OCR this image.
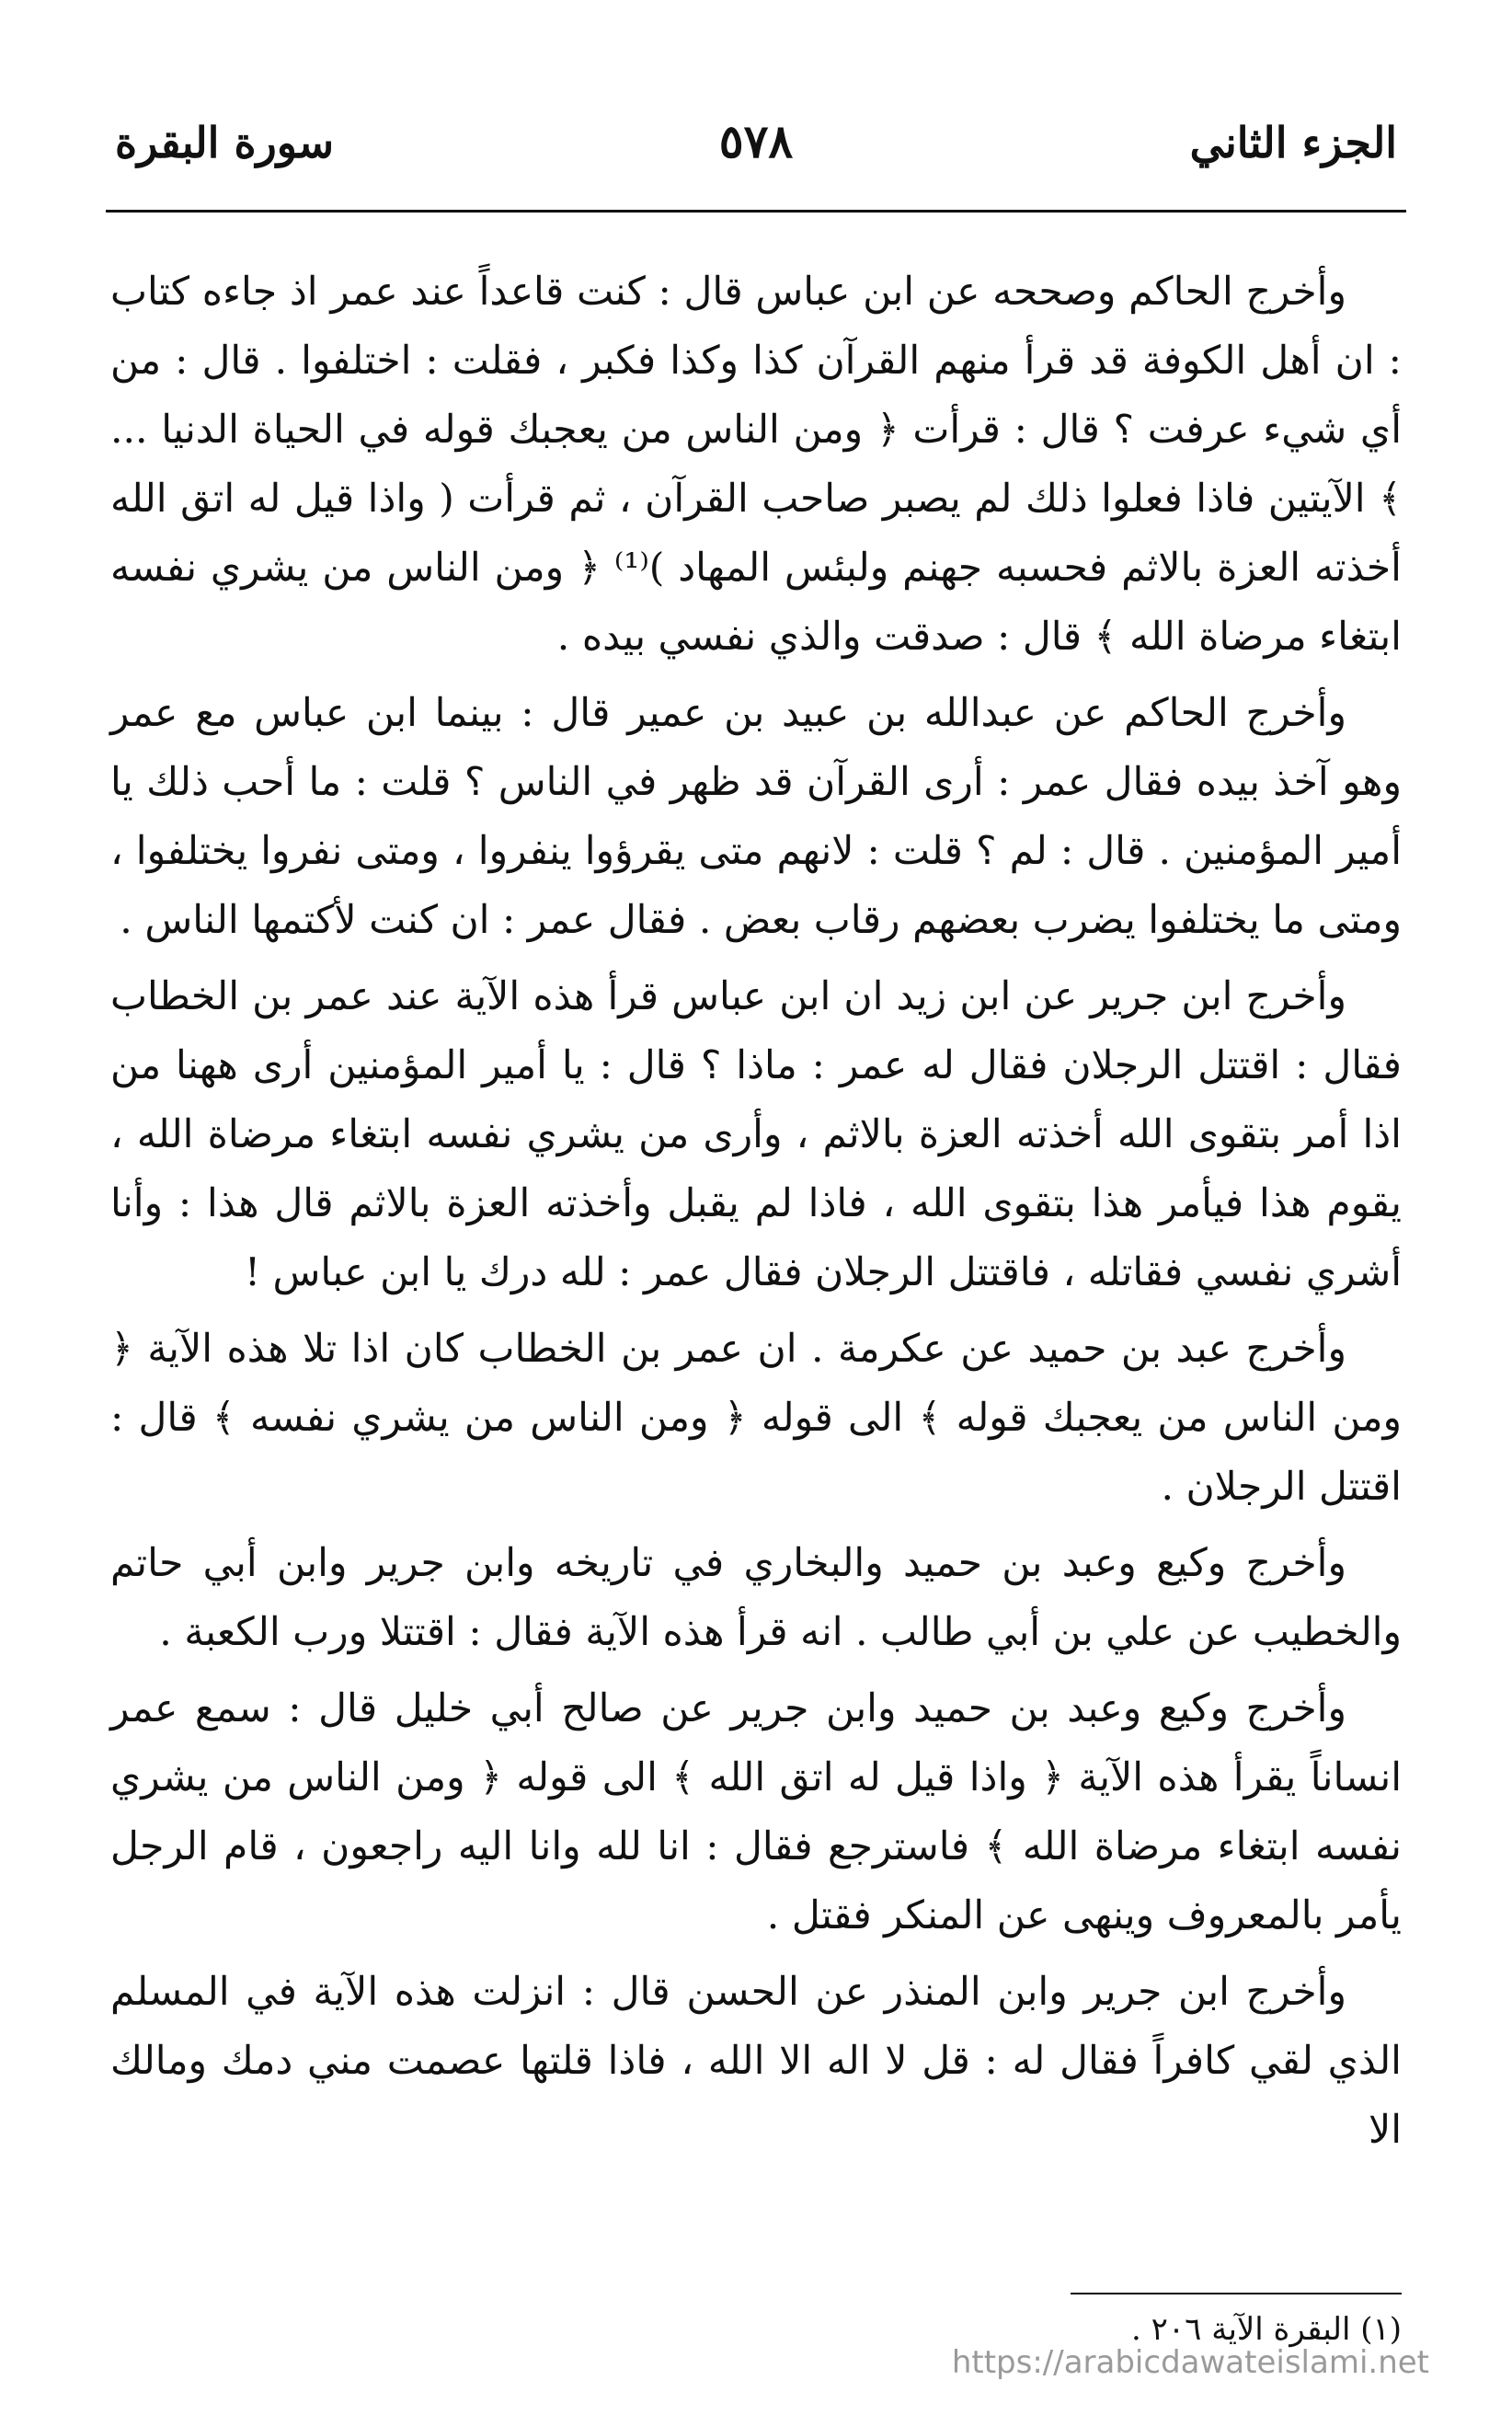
الجزء الثاني
٥٧٨
سورة البقرة

وأخرج الحاكم وصححه عن ابن عباس قال : كنت قاعداً عند عمر اذ جاءه كتاب : ان أهل الكوفة قد قرأ منهم القرآن كذا وكذا فكبر ، فقلت : اختلفوا . قال : من أي شيء عرفت ؟ قال : قرأت ﴿ ومن الناس من يعجبك قوله في الحياة الدنيا ... ﴾ الآيتين فاذا فعلوا ذلك لم يصبر صاحب القرآن ، ثم قرأت ( واذا قيل له اتق الله أخذته العزة بالاثم فحسبه جهنم ولبئس المهاد )⁽¹⁾ ﴿ ومن الناس من يشري نفسه ابتغاء مرضاة الله ﴾ قال : صدقت والذي نفسي بيده .

وأخرج الحاكم عن عبدالله بن عبيد بن عمير قال : بينما ابن عباس مع عمر وهو آخذ بيده فقال عمر : أرى القرآن قد ظهر في الناس ؟ قلت : ما أحب ذلك يا أمير المؤمنين . قال : لم ؟ قلت : لانهم متى يقرؤوا ينفروا ، ومتى نفروا يختلفوا ، ومتى ما يختلفوا يضرب بعضهم رقاب بعض . فقال عمر : ان كنت لأكتمها الناس .

وأخرج ابن جرير عن ابن زيد ان ابن عباس قرأ هذه الآية عند عمر بن الخطاب فقال : اقتتل الرجلان فقال له عمر : ماذا ؟ قال : يا أمير المؤمنين أرى ههنا من اذا أمر بتقوى الله أخذته العزة بالاثم ، وأرى من يشري نفسه ابتغاء مرضاة الله ، يقوم هذا فيأمر هذا بتقوى الله ، فاذا لم يقبل وأخذته العزة بالاثم قال هذا : وأنا أشري نفسي فقاتله ، فاقتتل الرجلان فقال عمر : لله درك يا ابن عباس !

وأخرج عبد بن حميد عن عكرمة . ان عمر بن الخطاب كان اذا تلا هذه الآية ﴿ ومن الناس من يعجبك قوله ﴾ الى قوله ﴿ ومن الناس من يشري نفسه ﴾ قال : اقتتل الرجلان .

وأخرج وكيع وعبد بن حميد والبخاري في تاريخه وابن جرير وابن أبي حاتم والخطيب عن علي بن أبي طالب . انه قرأ هذه الآية فقال : اقتتلا ورب الكعبة .

وأخرج وكيع وعبد بن حميد وابن جرير عن صالح أبي خليل قال : سمع عمر انساناً يقرأ هذه الآية ﴿ واذا قيل له اتق الله ﴾ الى قوله ﴿ ومن الناس من يشري نفسه ابتغاء مرضاة الله ﴾ فاسترجع فقال : انا لله وانا اليه راجعون ، قام الرجل يأمر بالمعروف وينهى عن المنكر فقتل .

وأخرج ابن جرير وابن المنذر عن الحسن قال : انزلت هذه الآية في المسلم الذي لقي كافراً فقال له : قل لا اله الا الله ، فاذا قلتها عصمت مني دمك ومالك الا

(١) البقرة الآية ٢٠٦ .
https://arabicdawateislami.net
